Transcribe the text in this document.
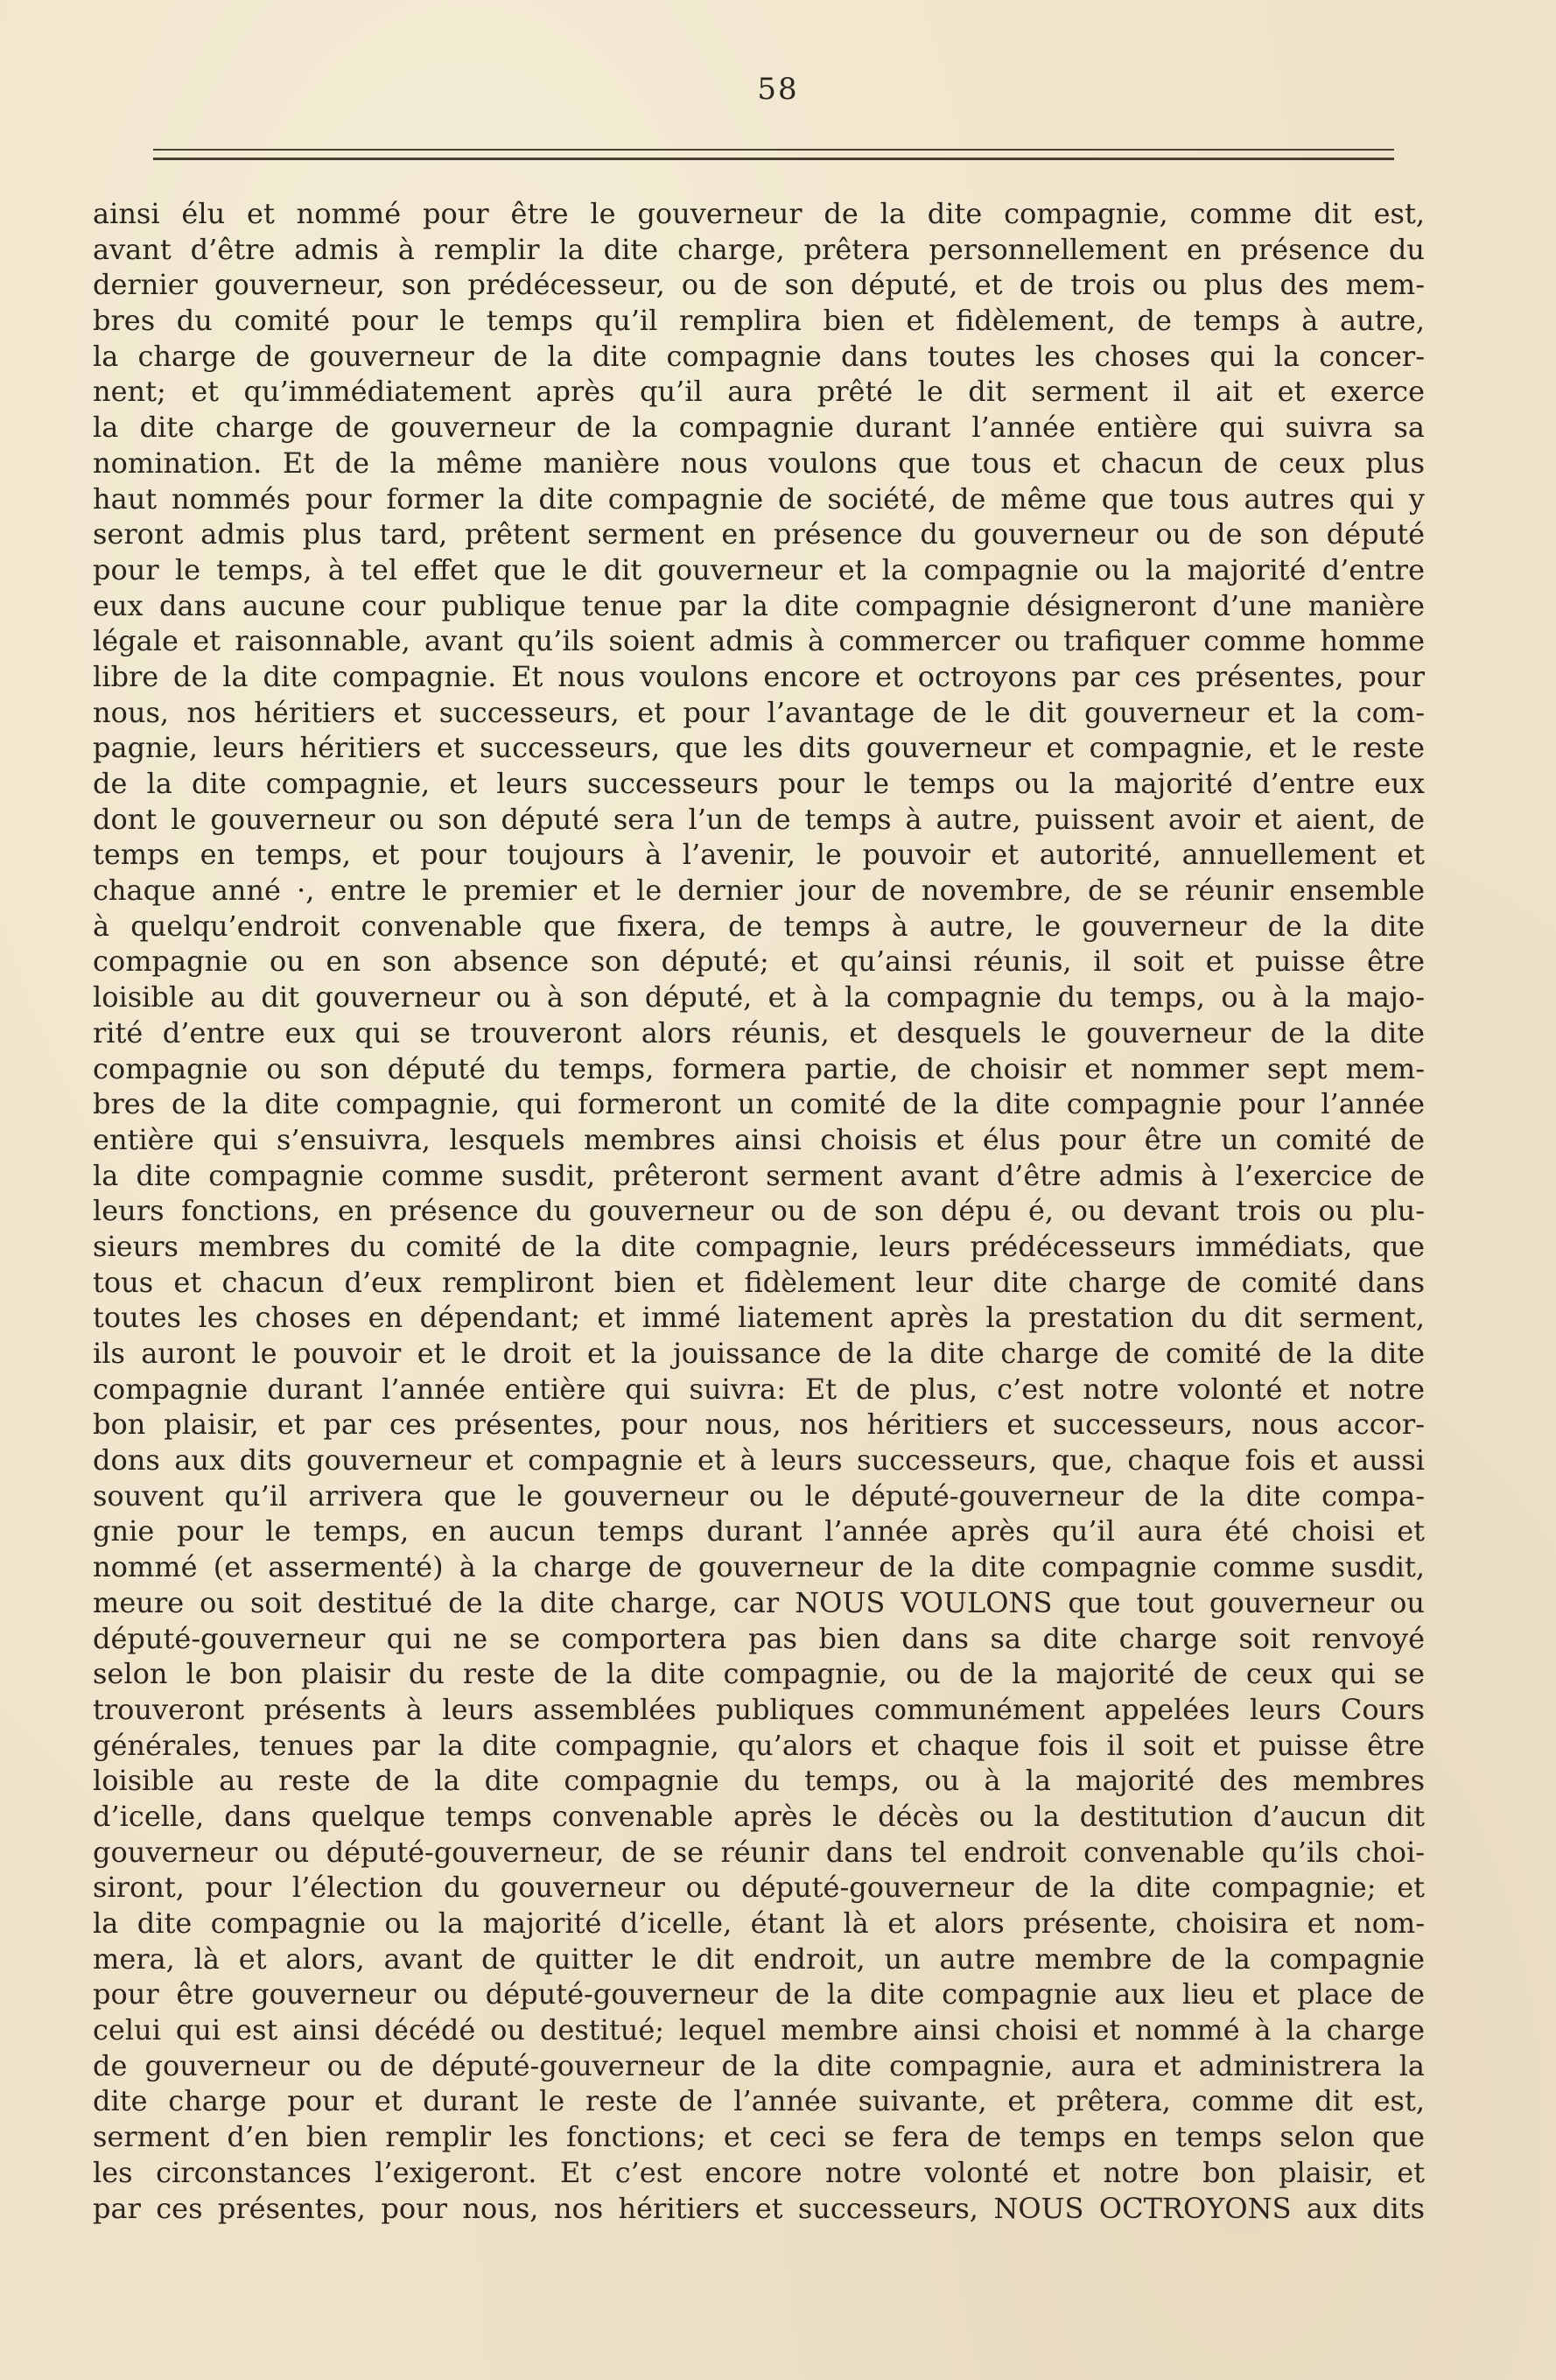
58
ainsi élu et nommé pour être le gouverneur de la dite compagnie, comme dit est,
avant d’être admis à remplir la dite charge, prêtera personnellement en présence du
dernier gouverneur, son prédécesseur, ou de son député, et de trois ou plus des mem-
bres du comité pour le temps qu’il remplira bien et fidèlement, de temps à autre,
la charge de gouverneur de la dite compagnie dans toutes les choses qui la concer-
nent; et qu’immédiatement après qu’il aura prêté le dit serment il ait et exerce
la dite charge de gouverneur de la compagnie durant l’année entière qui suivra sa
nomination. Et de la même manière nous voulons que tous et chacun de ceux plus
haut nommés pour former la dite compagnie de société, de même que tous autres qui y
seront admis plus tard, prêtent serment en présence du gouverneur ou de son député
pour le temps, à tel effet que le dit gouverneur et la compagnie ou la majorité d’entre
eux dans aucune cour publique tenue par la dite compagnie désigneront d’une manière
légale et raisonnable, avant qu’ils soient admis à commercer ou trafiquer comme homme
libre de la dite compagnie. Et nous voulons encore et octroyons par ces présentes, pour
nous, nos héritiers et successeurs, et pour l’avantage de le dit gouverneur et la com-
pagnie, leurs héritiers et successeurs, que les dits gouverneur et compagnie, et le reste
de la dite compagnie, et leurs successeurs pour le temps ou la majorité d’entre eux
dont le gouverneur ou son député sera l’un de temps à autre, puissent avoir et aient, de
temps en temps, et pour toujours à l’avenir, le pouvoir et autorité, annuellement et
chaque anné ·, entre le premier et le dernier jour de novembre, de se réunir ensemble
à quelqu’endroit convenable que fixera, de temps à autre, le gouverneur de la dite
compagnie ou en son absence son député; et qu’ainsi réunis, il soit et puisse être
loisible au dit gouverneur ou à son député, et à la compagnie du temps, ou à la majo-
rité d’entre eux qui se trouveront alors réunis, et desquels le gouverneur de la dite
compagnie ou son député du temps, formera partie, de choisir et nommer sept mem-
bres de la dite compagnie, qui formeront un comité de la dite compagnie pour l’année
entière qui s’ensuivra, lesquels membres ainsi choisis et élus pour être un comité de
la dite compagnie comme susdit, prêteront serment avant d’être admis à l’exercice de
leurs fonctions, en présence du gouverneur ou de son dépu é, ou devant trois ou plu-
sieurs membres du comité de la dite compagnie, leurs prédécesseurs immédiats, que
tous et chacun d’eux rempliront bien et fidèlement leur dite charge de comité dans
toutes les choses en dépendant; et immé liatement après la prestation du dit serment,
ils auront le pouvoir et le droit et la jouissance de la dite charge de comité de la dite
compagnie durant l’année entière qui suivra: Et de plus, c’est notre volonté et notre
bon plaisir, et par ces présentes, pour nous, nos héritiers et successeurs, nous accor-
dons aux dits gouverneur et compagnie et à leurs successeurs, que, chaque fois et aussi
souvent qu’il arrivera que le gouverneur ou le député-gouverneur de la dite compa-
gnie pour le temps, en aucun temps durant l’année après qu’il aura été choisi et
nommé (et assermenté) à la charge de gouverneur de la dite compagnie comme susdit,
meure ou soit destitué de la dite charge, car NOUS VOULONS que tout gouverneur ou
député-gouverneur qui ne se comportera pas bien dans sa dite charge soit renvoyé
selon le bon plaisir du reste de la dite compagnie, ou de la majorité de ceux qui se
trouveront présents à leurs assemblées publiques communément appelées leurs Cours
générales, tenues par la dite compagnie, qu’alors et chaque fois il soit et puisse être
loisible au reste de la dite compagnie du temps, ou à la majorité des membres
d’icelle, dans quelque temps convenable après le décès ou la destitution d’aucun dit
gouverneur ou député-gouverneur, de se réunir dans tel endroit convenable qu’ils choi-
siront, pour l’élection du gouverneur ou député-gouverneur de la dite compagnie; et
la dite compagnie ou la majorité d’icelle, étant là et alors présente, choisira et nom-
mera, là et alors, avant de quitter le dit endroit, un autre membre de la compagnie
pour être gouverneur ou député-gouverneur de la dite compagnie aux lieu et place de
celui qui est ainsi décédé ou destitué; lequel membre ainsi choisi et nommé à la charge
de gouverneur ou de député-gouverneur de la dite compagnie, aura et administrera la
dite charge pour et durant le reste de l’année suivante, et prêtera, comme dit est,
serment d’en bien remplir les fonctions; et ceci se fera de temps en temps selon que
les circonstances l’exigeront. Et c’est encore notre volonté et notre bon plaisir, et
par ces présentes, pour nous, nos héritiers et successeurs, NOUS OCTROYONS aux dits
